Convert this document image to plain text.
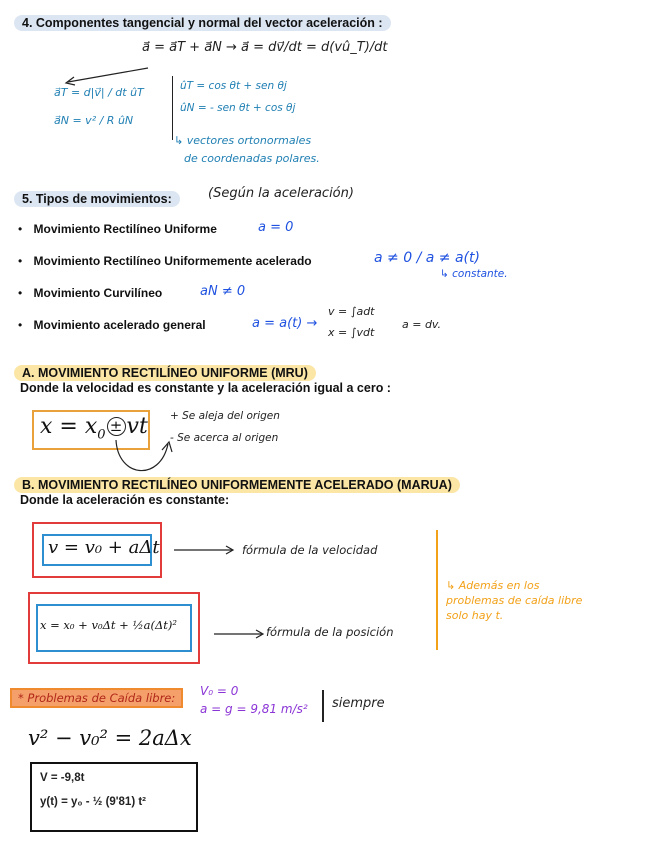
4. Componentes tangencial y normal del vector aceleración :
a⃗ = a⃗T + a⃗N → a⃗ = dv⃗/dt = d(vû_T)/dt
a⃗T = d|v⃗| / dt ûT
a⃗N = v² / R ûN
ûT = cos θt + sen θj
ûN = - sen θt + cos θj
↳ vectores ortonormales
de coordenadas polares.
5. Tipos de movimientos:	(Según la aceleración)
• Movimiento Rectilíneo Uniforme	a = 0
• Movimiento Rectilíneo Uniformemente acelerado	a ≠ 0 / a ≠ a(t)
↳ constante.
• Movimiento Curvilíneo	aN ≠ 0
• Movimiento acelerado general	a = a(t) →
v = ∫adt
x = ∫vdt
a = dv.
A. MOVIMIENTO RECTILÍNEO UNIFORME (MRU)
Donde la velocidad es constante y la aceleración igual a cero :
$x = x_0$ ± vt + Se aleja del origen
- Se acerca al origen
B. MOVIMIENTO RECTILÍNEO UNIFORMEMENTE ACELERADO (MARUA)
Donde la aceleración es constante:
v = v₀ + aΔt	fórmula de la velocidad
x = x₀ + v₀Δt + ½a(Δt)²	fórmula de la posición
↳ Además en los problemas de caída libre solo hay t.
* Problemas de Caída libre:	V₀ = 0
a = g = 9,81 m/s² siempre
v² − v₀² = 2aΔx
V = -9,8t
y(t) = y₀ - ½ (9'81) t²
